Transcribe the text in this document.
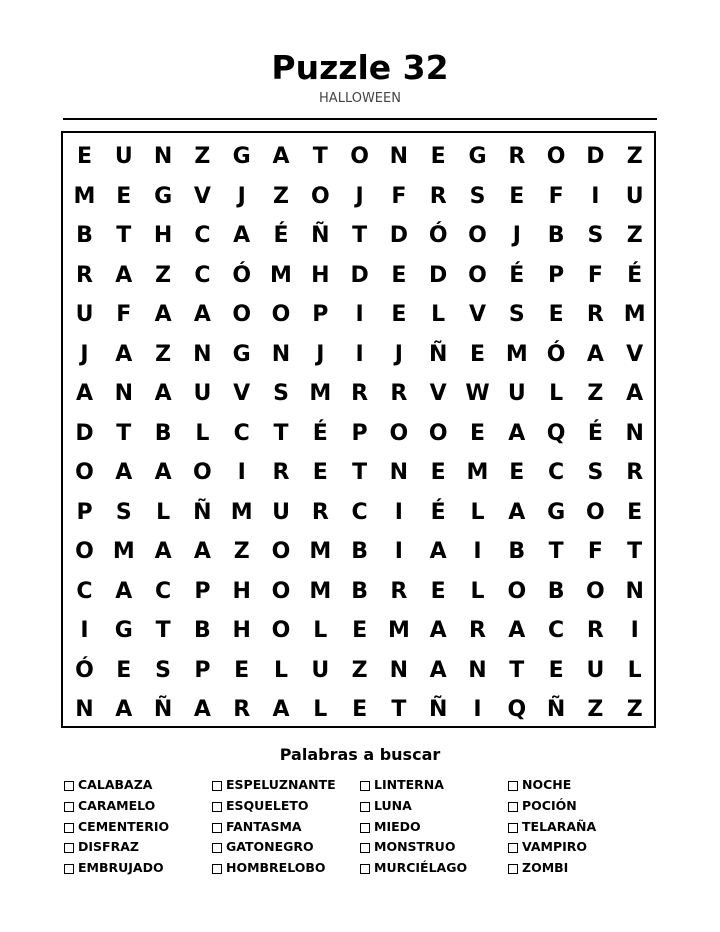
Puzzle 32
HALLOWEEN
E	U N	Z	G A	T	O N	E	G R O D	Z
M E	G V	J	Z O	J	F	R	S	E	F	I	U
B	T	H	C	A	É	Ñ	T	D Ó O	J	B	S	Z
R	A	Z	C Ó M H D	E	D O	É	P	F	É
U	F	A	A O O P	I	E	L	V	S	E	R M
J	A	Z	N G N	J	I	J	Ñ	E M Ó A	V
A N A U V	S M R	R	V W U	L	Z	A
D	T	B	L	C	T	É	P O O	E	A Q	É	N
O A	A O	I	R	E	T	N	E M E	C	S	R
P	S	L	Ñ M U R	C	I	É	L	A G O	E
O M A	A	Z O M B	I	A	I	B	T	F	T
C	A	C	P	H O M B	R	E	L	O B O N
I	G	T	B H O	L	E M A	R	A	C	R	I
Ó	E	S	P	E	L	U	Z	N A N	T	E	U	L
N A Ñ A	R	A	L	E	T	Ñ	I	Q Ñ	Z	Z
Palabras a buscar
CALABAZA
CARAMELO
CEMENTERIO
DISFRAZ
EMBRUJADO
ESPELUZNANTE
ESQUELETO
FANTASMA
GATONEGRO
HOMBRELOBO
LINTERNA
LUNA
MIEDO
MONSTRUO
MURCIÉLAGO
NOCHE
POCIÓN
TELARAÑA
VAMPIRO
ZOMBI
